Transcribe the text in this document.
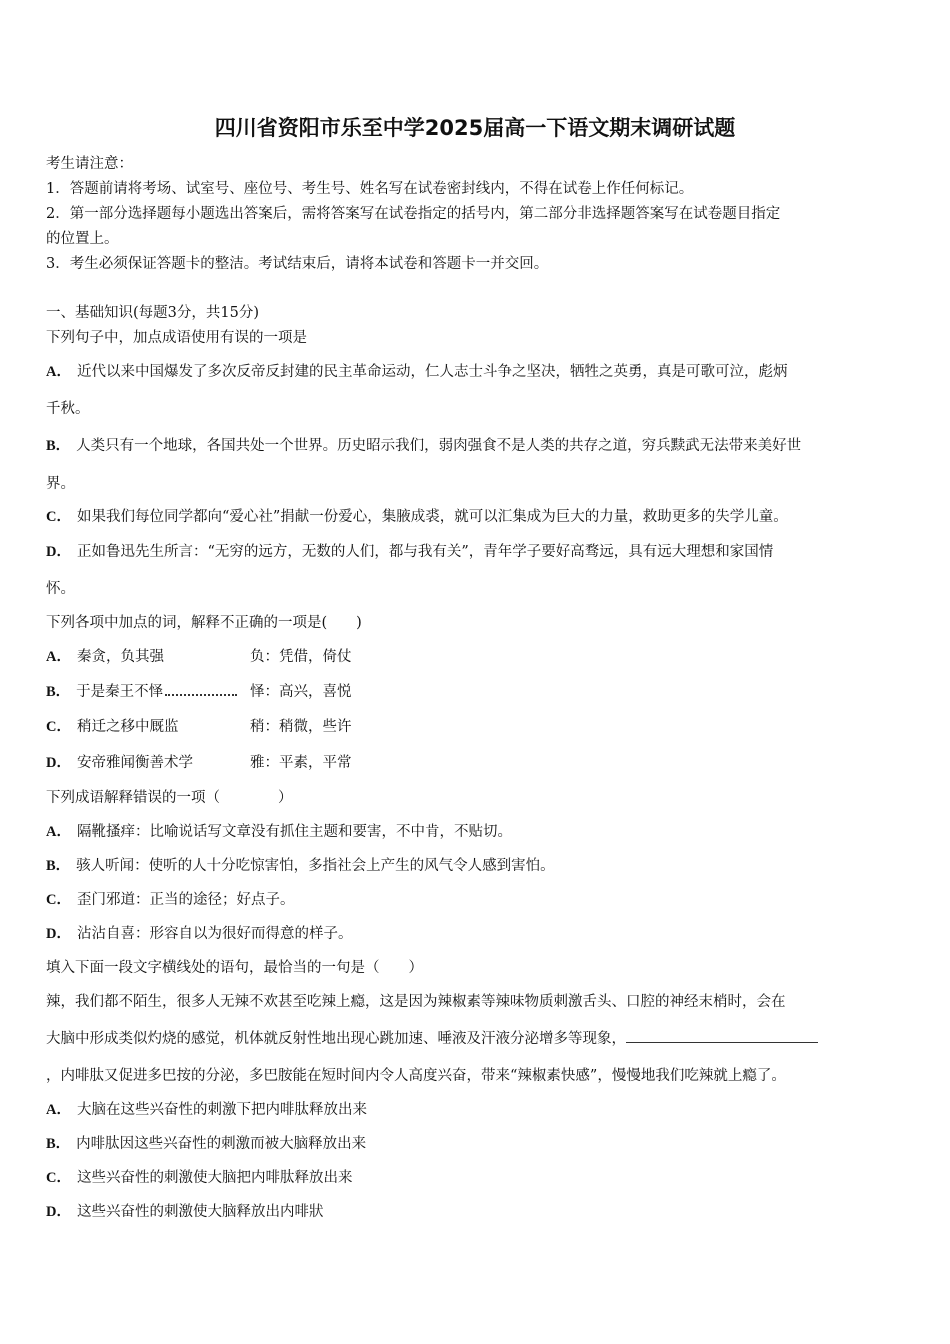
四川省资阳市乐至中学2025届高一下语文期末调研试题
考生请注意：
1．答题前请将考场、试室号、座位号、考生号、姓名写在试卷密封线内，不得在试卷上作任何标记。
2．第一部分选择题每小题选出答案后，需将答案写在试卷指定的括号内，第二部分非选择题答案写在试卷题目指定
的位置上。
3．考生必须保证答题卡的整洁。考试结束后，请将本试卷和答题卡一并交回。
一、基础知识(每题3分，共15分)
下列句子中，加点成语使用有误的一项是
A． 近代以来中国爆发了多次反帝反封建的民主革命运动，仁人志士斗争之坚决，牺牲之英勇，真是可歌可泣，彪炳
千秋。
B． 人类只有一个地球，各国共处一个世界。历史昭示我们，弱肉强食不是人类的共存之道，穷兵黩武无法带来美好世
界。
C． 如果我们每位同学都向“爱心社”捐献一份爱心，集腋成裘，就可以汇集成为巨大的力量，救助更多的失学儿童。
D． 正如鲁迅先生所言：“无穷的远方，无数的人们，都与我有关”，青年学子要好高骛远，具有远大理想和家国情
怀。
下列各项中加点的词，解释不正确的一项是(　　)
A． 秦贪，负其强	负：凭借，倚仗
B． 于是秦王不怿	怿：高兴，喜悦
C． 稍迁之移中厩监	稍：稍微，些许
D． 安帝雅闻衡善术学	雅：平素，平常
下列成语解释错误的一项（　　　　）
A． 隔靴搔痒：比喻说话写文章没有抓住主题和要害，不中肯，不贴切。
B． 骇人听闻：使听的人十分吃惊害怕，多指社会上产生的风气令人感到害怕。
C． 歪门邪道：正当的途径；好点子。
D． 沾沾自喜：形容自以为很好而得意的样子。
填入下面一段文字横线处的语句，最恰当的一句是（　　）
辣，我们都不陌生，很多人无辣不欢甚至吃辣上瘾，这是因为辣椒素等辣味物质刺激舌头、口腔的神经末梢时，会在
大脑中形成类似灼烧的感觉，机体就反射性地出现心跳加速、唾液及汗液分泌增多等现象，
，内啡肽又促进多巴按的分泌，多巴胺能在短时间内令人高度兴奋，带来“辣椒素快感”，慢慢地我们吃辣就上瘾了。
A． 大脑在这些兴奋性的刺激下把内啡肽释放出来
B． 内啡肽因这些兴奋性的刺激而被大脑释放出来
C． 这些兴奋性的刺激使大脑把内啡肽释放出来
D． 这些兴奋性的刺激使大脑释放出内啡狀
